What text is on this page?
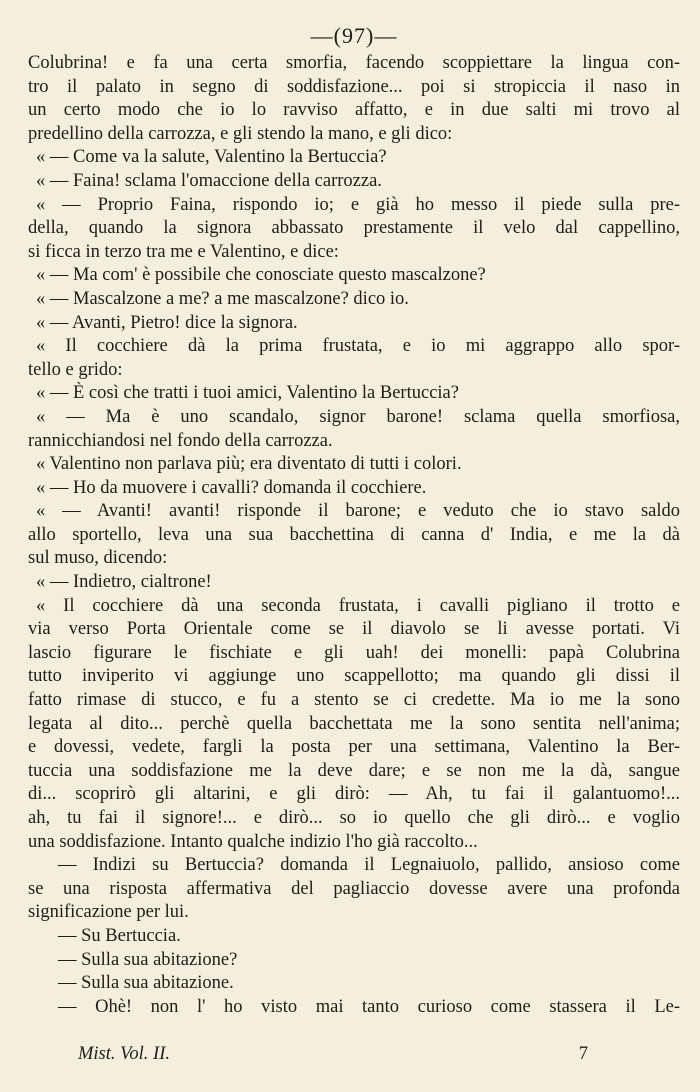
—(97)—
Colubrina! e fa una certa smorfia, facendo scoppiettare la lingua con-
tro il palato in segno di soddisfazione... poi si stropiccia il naso in
un certo modo che io lo ravviso affatto, e in due salti mi trovo al
predellino della carrozza, e gli stendo la mano, e gli dico:
« — Come va la salute, Valentino la Bertuccia?
« — Faina! sclama l'omaccione della carrozza.
« — Proprio Faina, rispondo io; e già ho messo il piede sulla pre-
della, quando la signora abbassato prestamente il velo dal cappellino,
si ficca in terzo tra me e Valentino, e dice:
« — Ma com' è possibile che conosciate questo mascalzone?
« — Mascalzone a me? a me mascalzone? dico io.
« — Avanti, Pietro! dice la signora.
« Il cocchiere dà la prima frustata, e io mi aggrappo allo spor-
tello e grido:
« — È così che tratti i tuoi amici, Valentino la Bertuccia?
« — Ma è uno scandalo, signor barone! sclama quella smorfiosa,
rannicchiandosi nel fondo della carrozza.
« Valentino non parlava più; era diventato di tutti i colori.
« — Ho da muovere i cavalli? domanda il cocchiere.
« — Avanti! avanti! risponde il barone; e veduto che io stavo saldo
allo sportello, leva una sua bacchettina di canna d' India, e me la dà
sul muso, dicendo:
« — Indietro, cialtrone!
« Il cocchiere dà una seconda frustata, i cavalli pigliano il trotto e
via verso Porta Orientale come se il diavolo se li avesse portati. Vi
lascio figurare le fischiate e gli uah! dei monelli: papà Colubrina
tutto inviperito vi aggiunge uno scappellotto; ma quando gli dissi il
fatto rimase di stucco, e fu a stento se ci credette. Ma io me la sono
legata al dito... perchè quella bacchettata me la sono sentita nell'anima;
e dovessi, vedete, fargli la posta per una settimana, Valentino la Ber-
tuccia una soddisfazione me la deve dare; e se non me la dà, sangue
di... scoprirò gli altarini, e gli dirò: — Ah, tu fai il galantuomo!...
ah, tu fai il signore!... e dirò... so io quello che gli dirò... e voglio
una soddisfazione. Intanto qualche indizio l'ho già raccolto...
— Indizi su Bertuccia? domanda il Legnaiuolo, pallido, ansioso come
se una risposta affermativa del pagliaccio dovesse avere una profonda
significazione per lui.
— Su Bertuccia.
— Sulla sua abitazione?
— Sulla sua abitazione.
— Ohè! non l' ho visto mai tanto curioso come stassera il Le-
Mist. Vol. II.	7
